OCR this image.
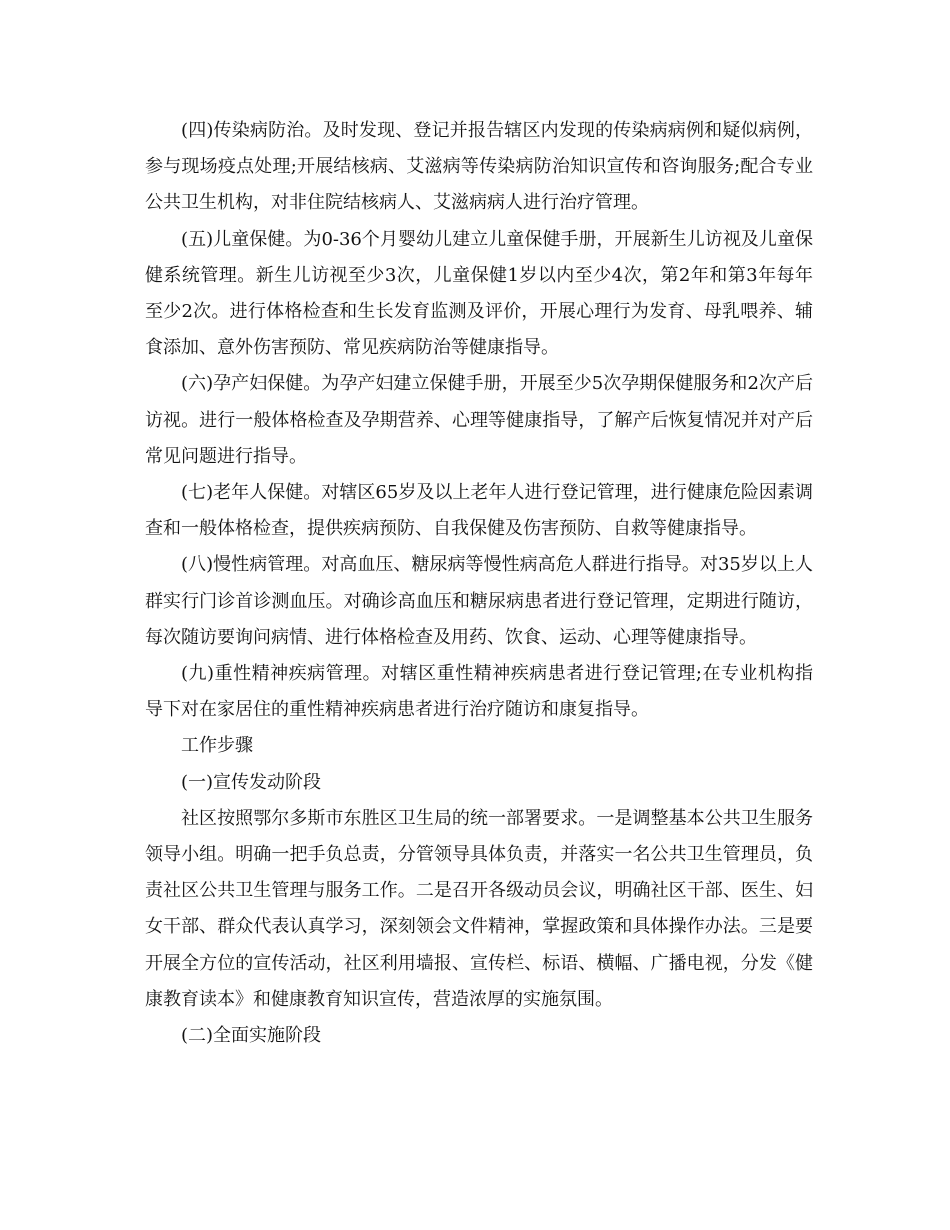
(四)传染病防治。及时发现、登记并报告辖区内发现的传染病病例和疑似病例，参与现场疫点处理;开展结核病、艾滋病等传染病防治知识宣传和咨询服务;配合专业公共卫生机构，对非住院结核病人、艾滋病病人进行治疗管理。

(五)儿童保健。为0-36个月婴幼儿建立儿童保健手册，开展新生儿访视及儿童保健系统管理。新生儿访视至少3次，儿童保健1岁以内至少4次，第2年和第3年每年至少2次。进行体格检查和生长发育监测及评价，开展心理行为发育、母乳喂养、辅食添加、意外伤害预防、常见疾病防治等健康指导。

(六)孕产妇保健。为孕产妇建立保健手册，开展至少5次孕期保健服务和2次产后访视。进行一般体格检查及孕期营养、心理等健康指导，了解产后恢复情况并对产后常见问题进行指导。

(七)老年人保健。对辖区65岁及以上老年人进行登记管理，进行健康危险因素调查和一般体格检查，提供疾病预防、自我保健及伤害预防、自救等健康指导。

(八)慢性病管理。对高血压、糖尿病等慢性病高危人群进行指导。对35岁以上人群实行门诊首诊测血压。对确诊高血压和糖尿病患者进行登记管理，定期进行随访，每次随访要询问病情、进行体格检查及用药、饮食、运动、心理等健康指导。

(九)重性精神疾病管理。对辖区重性精神疾病患者进行登记管理;在专业机构指导下对在家居住的重性精神疾病患者进行治疗随访和康复指导。

工作步骤

(一)宣传发动阶段

社区按照鄂尔多斯市东胜区卫生局的统一部署要求。一是调整基本公共卫生服务领导小组。明确一把手负总责，分管领导具体负责，并落实一名公共卫生管理员，负责社区公共卫生管理与服务工作。二是召开各级动员会议，明确社区干部、医生、妇女干部、群众代表认真学习，深刻领会文件精神，掌握政策和具体操作办法。三是要开展全方位的宣传活动，社区利用墙报、宣传栏、标语、横幅、广播电视，分发《健康教育读本》和健康教育知识宣传，营造浓厚的实施氛围。

(二)全面实施阶段
